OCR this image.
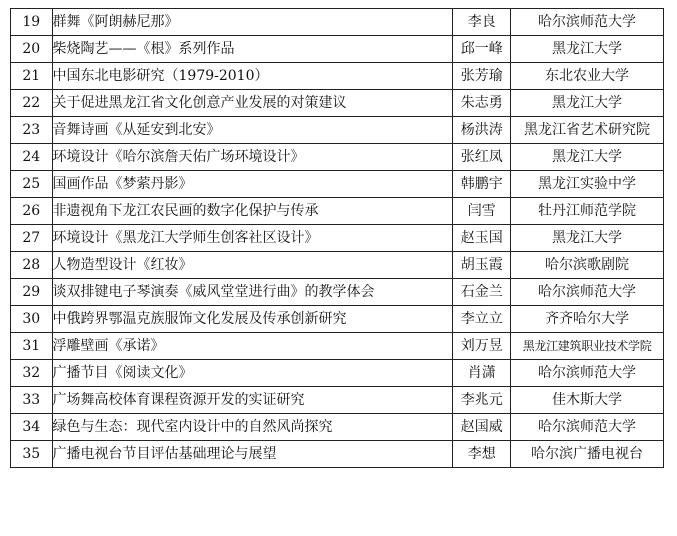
19	群舞《阿朗赫尼那》	李良	哈尔滨师范大学
20	柴烧陶艺——《根》系列作品	邱一峰	黑龙江大学
21	中国东北电影研究（1979-2010）	张芳瑜	东北农业大学
22	关于促进黑龙江省文化创意产业发展的对策建议	朱志勇	黑龙江大学
23	音舞诗画《从延安到北安》	杨洪涛	黑龙江省艺术研究院
24	环境设计《哈尔滨詹天佑广场环境设计》	张红凤	黑龙江大学
25	国画作品《梦萦丹影》	韩鹏宇	黑龙江实验中学
26	非遗视角下龙江农民画的数字化保护与传承	闫雪	牡丹江师范学院
27	环境设计《黑龙江大学师生创客社区设计》	赵玉国	黑龙江大学
28	人物造型设计《红妆》	胡玉霞	哈尔滨歌剧院
29	谈双排键电子琴演奏《威风堂堂进行曲》的教学体会	石金兰	哈尔滨师范大学
30	中俄跨界鄂温克族服饰文化发展及传承创新研究	李立立	齐齐哈尔大学
31	浮雕壁画《承诺》	刘万昱	黑龙江建筑职业技术学院
32	广播节目《阅读文化》	肖潇	哈尔滨师范大学
33	广场舞高校体育课程资源开发的实证研究	李兆元	佳木斯大学
34	绿色与生态：现代室内设计中的自然风尚探究	赵国威	哈尔滨师范大学
35	广播电视台节目评估基础理论与展望	李想	哈尔滨广播电视台
